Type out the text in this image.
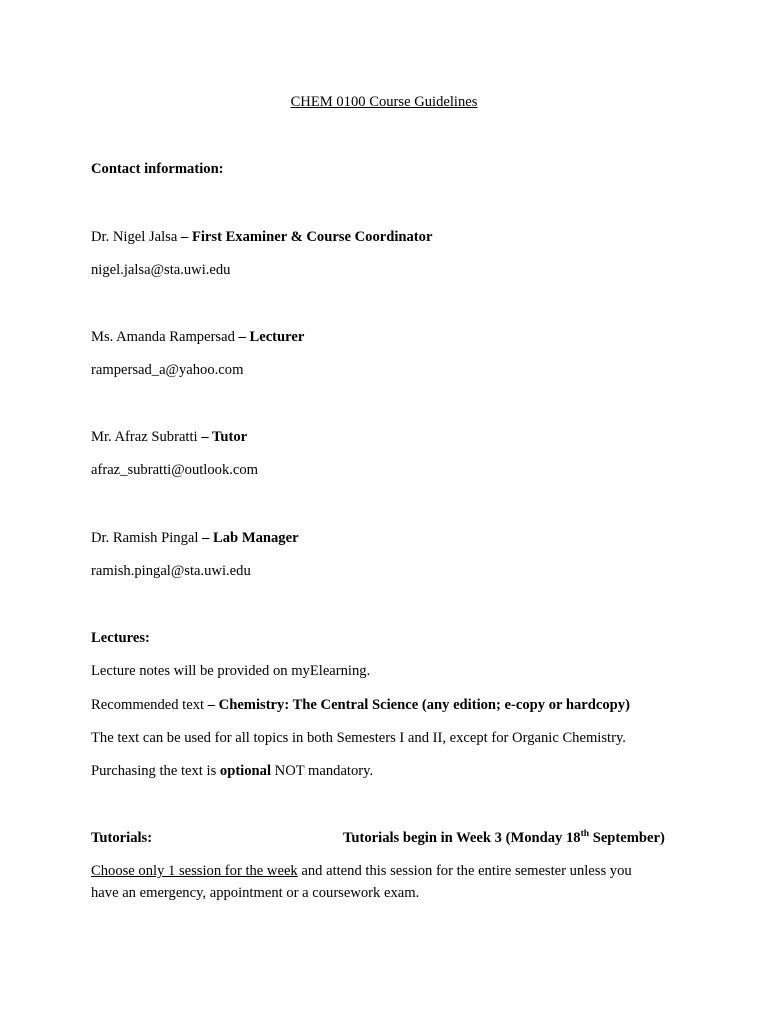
CHEM 0100 Course Guidelines
Contact information:
Dr. Nigel Jalsa – First Examiner & Course Coordinator
nigel.jalsa@sta.uwi.edu
Ms. Amanda Rampersad – Lecturer
rampersad_a@yahoo.com
Mr. Afraz Subratti – Tutor
afraz_subratti@outlook.com
Dr. Ramish Pingal – Lab Manager
ramish.pingal@sta.uwi.edu
Lectures:
Lecture notes will be provided on myElearning.
Recommended text – Chemistry: The Central Science (any edition; e-copy or hardcopy)
The text can be used for all topics in both Semesters I and II, except for Organic Chemistry.
Purchasing the text is optional NOT mandatory.
Tutorials:	Tutorials begin in Week 3 (Monday 18th September)
Choose only 1 session for the week and attend this session for the entire semester unless you
have an emergency, appointment or a coursework exam.
